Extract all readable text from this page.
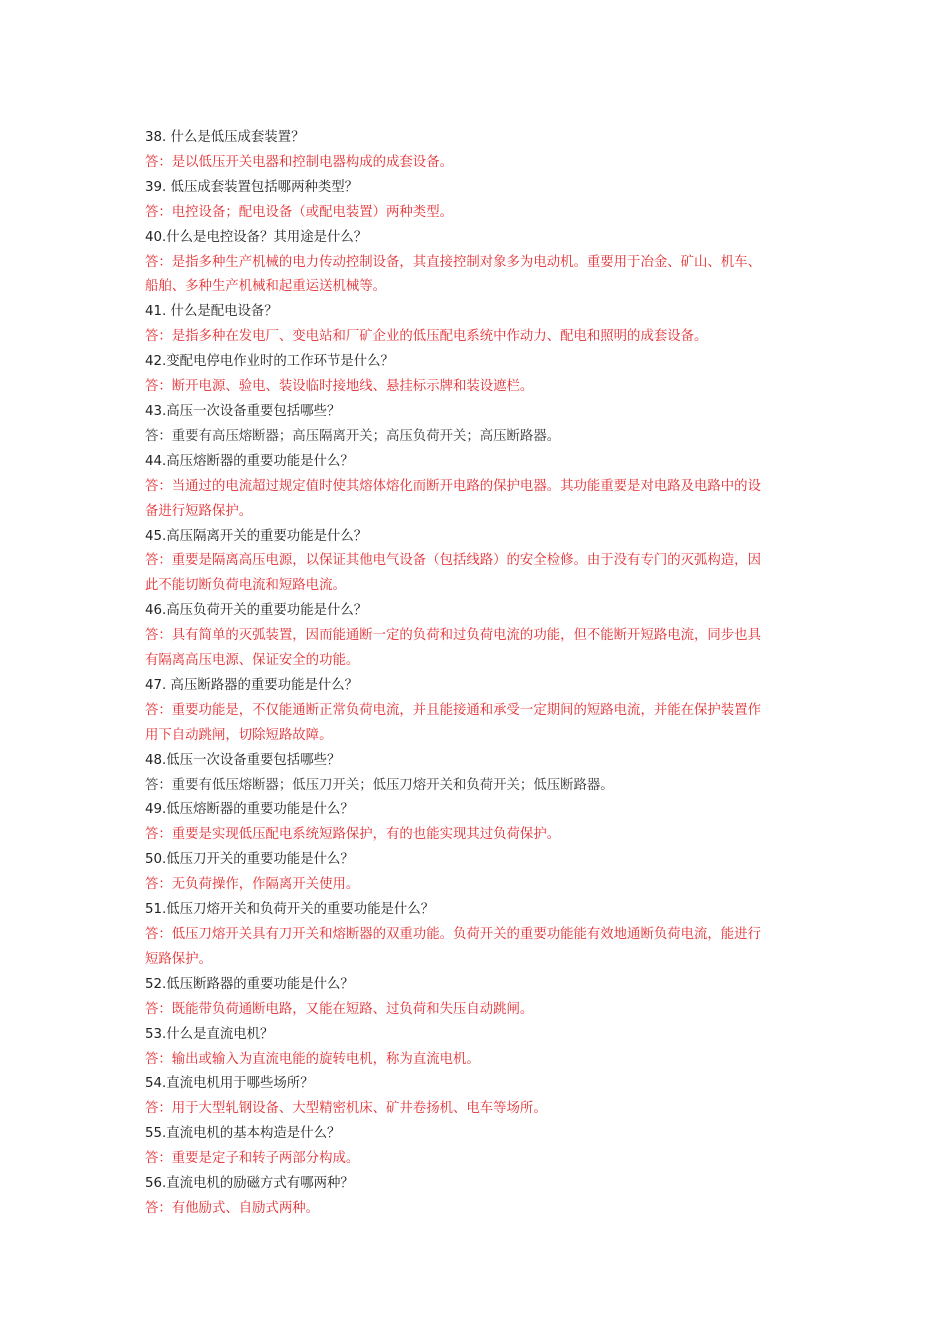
38. 什么是低压成套装置？
答：是以低压开关电器和控制电器构成的成套设备。
39. 低压成套装置包括哪两种类型？
答：电控设备；配电设备（或配电装置）两种类型。
40.什么是电控设备？其用途是什么？
答：是指多种生产机械的电力传动控制设备，其直接控制对象多为电动机。重要用于冶金、矿山、机车、
船舶、多种生产机械和起重运送机械等。
41. 什么是配电设备？
答：是指多种在发电厂、变电站和厂矿企业的低压配电系统中作动力、配电和照明的成套设备。
42.变配电停电作业时的工作环节是什么？
答：断开电源、验电、装设临时接地线、悬挂标示牌和装设遮栏。
43.高压一次设备重要包括哪些？
答：重要有高压熔断器；高压隔离开关；高压负荷开关；高压断路器。
44.高压熔断器的重要功能是什么？
答：当通过的电流超过规定值时使其熔体熔化而断开电路的保护电器。其功能重要是对电路及电路中的设
备进行短路保护。
45.高压隔离开关的重要功能是什么？
答：重要是隔离高压电源，以保证其他电气设备（包括线路）的安全检修。由于没有专门的灭弧构造，因
此不能切断负荷电流和短路电流。
46.高压负荷开关的重要功能是什么？
答：具有简单的灭弧装置，因而能通断一定的负荷和过负荷电流的功能，但不能断开短路电流，同步也具
有隔离高压电源、保证安全的功能。
47. 高压断路器的重要功能是什么？
答：重要功能是，不仅能通断正常负荷电流，并且能接通和承受一定期间的短路电流，并能在保护装置作
用下自动跳闸，切除短路故障。
48.低压一次设备重要包括哪些？
答：重要有低压熔断器；低压刀开关；低压刀熔开关和负荷开关；低压断路器。
49.低压熔断器的重要功能是什么？
答：重要是实现低压配电系统短路保护，有的也能实现其过负荷保护。
50.低压刀开关的重要功能是什么？
答：无负荷操作，作隔离开关使用。
51.低压刀熔开关和负荷开关的重要功能是什么？
答：低压刀熔开关具有刀开关和熔断器的双重功能。负荷开关的重要功能能有效地通断负荷电流，能进行
短路保护。
52.低压断路器的重要功能是什么？
答：既能带负荷通断电路，又能在短路、过负荷和失压自动跳闸。
53.什么是直流电机？
答：输出或输入为直流电能的旋转电机，称为直流电机。
54.直流电机用于哪些场所？
答：用于大型轧钢设备、大型精密机床、矿井卷扬机、电车等场所。
55.直流电机的基本构造是什么？
答：重要是定子和转子两部分构成。
56.直流电机的励磁方式有哪两种？
答：有他励式、自励式两种。
